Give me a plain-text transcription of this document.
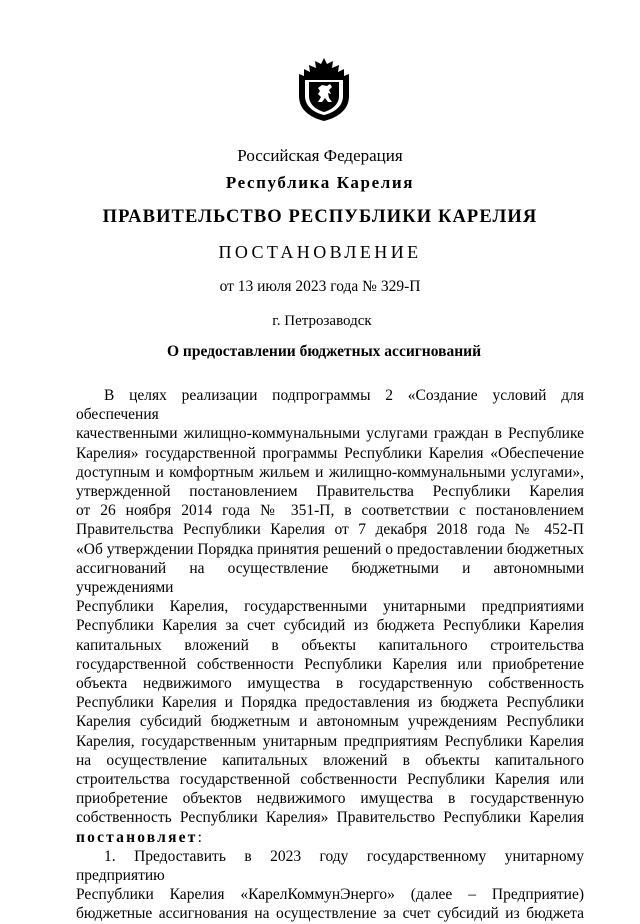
Российская Федерация
Республика Карелия
ПРАВИТЕЛЬСТВО РЕСПУБЛИКИ КАРЕЛИЯ
ПОСТАНОВЛЕНИЕ
от 13 июля 2023 года № 329-П
г. Петрозаводск
О предоставлении бюджетных ассигнований

В целях реализации подпрограммы 2 «Создание условий для обеспечения

качественными жилищно-коммунальными услугами граждан в Республике

Карелия» государственной программы Республики Карелия «Обеспечение

доступным и комфортным жильем и жилищно-коммунальными услугами»,

утвержденной постановлением Правительства Республики Карелия

от 26 ноября 2014 года № 351-П, в соответствии с постановлением

Правительства Республики Карелия от 7 декабря 2018 года № 452-П

«Об утверждении Порядка принятия решений о предоставлении бюджетных

ассигнований на осуществление бюджетными и автономными учреждениями

Республики Карелия, государственными унитарными предприятиями

Республики Карелия за счет субсидий из бюджета Республики Карелия

капитальных вложений в объекты капитального строительства

государственной собственности Республики Карелия или приобретение

объекта недвижимого имущества в государственную собственность

Республики Карелия и Порядка предоставления из бюджета Республики

Карелия субсидий бюджетным и автономным учреждениям Республики

Карелия, государственным унитарным предприятиям Республики Карелия

на осуществление капитальных вложений в объекты капитального

строительства государственной собственности Республики Карелия или

приобретение объектов недвижимого имущества в государственную

собственность Республики Карелия» Правительство Республики Карелия

постановляет:

1. Предоставить в 2023 году государственному унитарному предприятию

Республики Карелия «КарелКоммунЭнерго» (далее – Предприятие)

бюджетные ассигнования на осуществление за счет субсидий из бюджета
